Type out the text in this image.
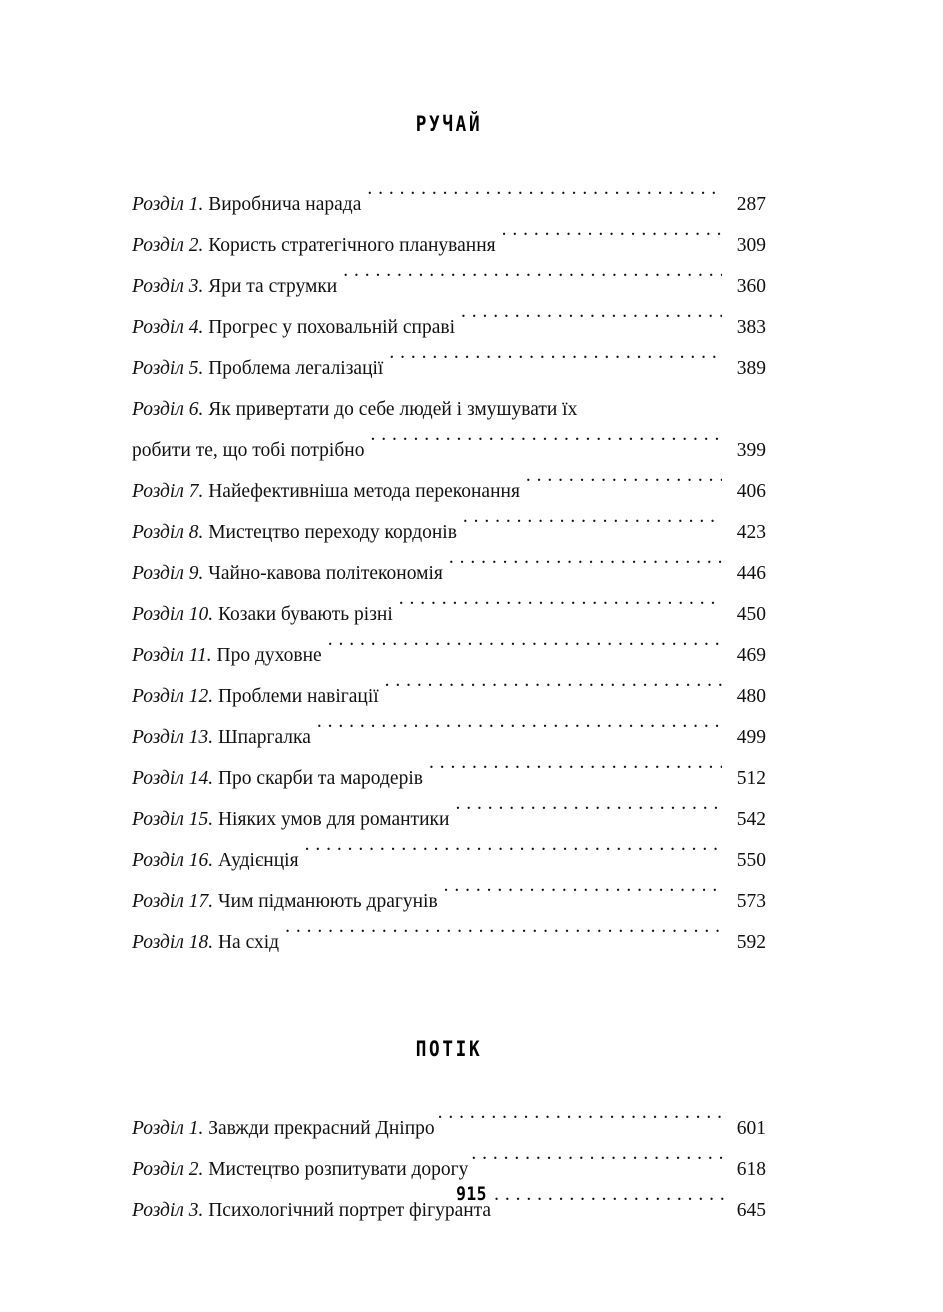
РУЧАЙ
Розділ 1. Виробнича нарада . . .	287
Розділ 2. Користь стратегічного планування . . .	309
Розділ 3. Яри та струмки . . .	360
Розділ 4. Прогрес у поховальній справі . . .	383
Розділ 5. Проблема легалізації . . .	389
Розділ 6. Як привертати до себе людей і змушувати їх
робити те, що тобі потрібно . . .	399
Розділ 7. Найефективніша метода переконання . . .	406
Розділ 8. Мистецтво переходу кордонів . . .	423
Розділ 9. Чайно-кавова політекономія . . .	446
Розділ 10. Козаки бувають різні . . .	450
Розділ 11. Про духовне . . .	469
Розділ 12. Проблеми навігації . . .	480
Розділ 13. Шпаргалка . . .	499
Розділ 14. Про скарби та мародерів . . .	512
Розділ 15. Ніяких умов для романтики . . .	542
Розділ 16. Аудієнція . . .	550
Розділ 17. Чим підманюють драгунів . . .	573
Розділ 18. На схід . . .	592
ПОТІК
Розділ 1. Завжди прекрасний Дніпро . . .	601
Розділ 2. Мистецтво розпитувати дорогу . . .	618
Розділ 3. Психологічний портрет фігуранта . . .	645
915
